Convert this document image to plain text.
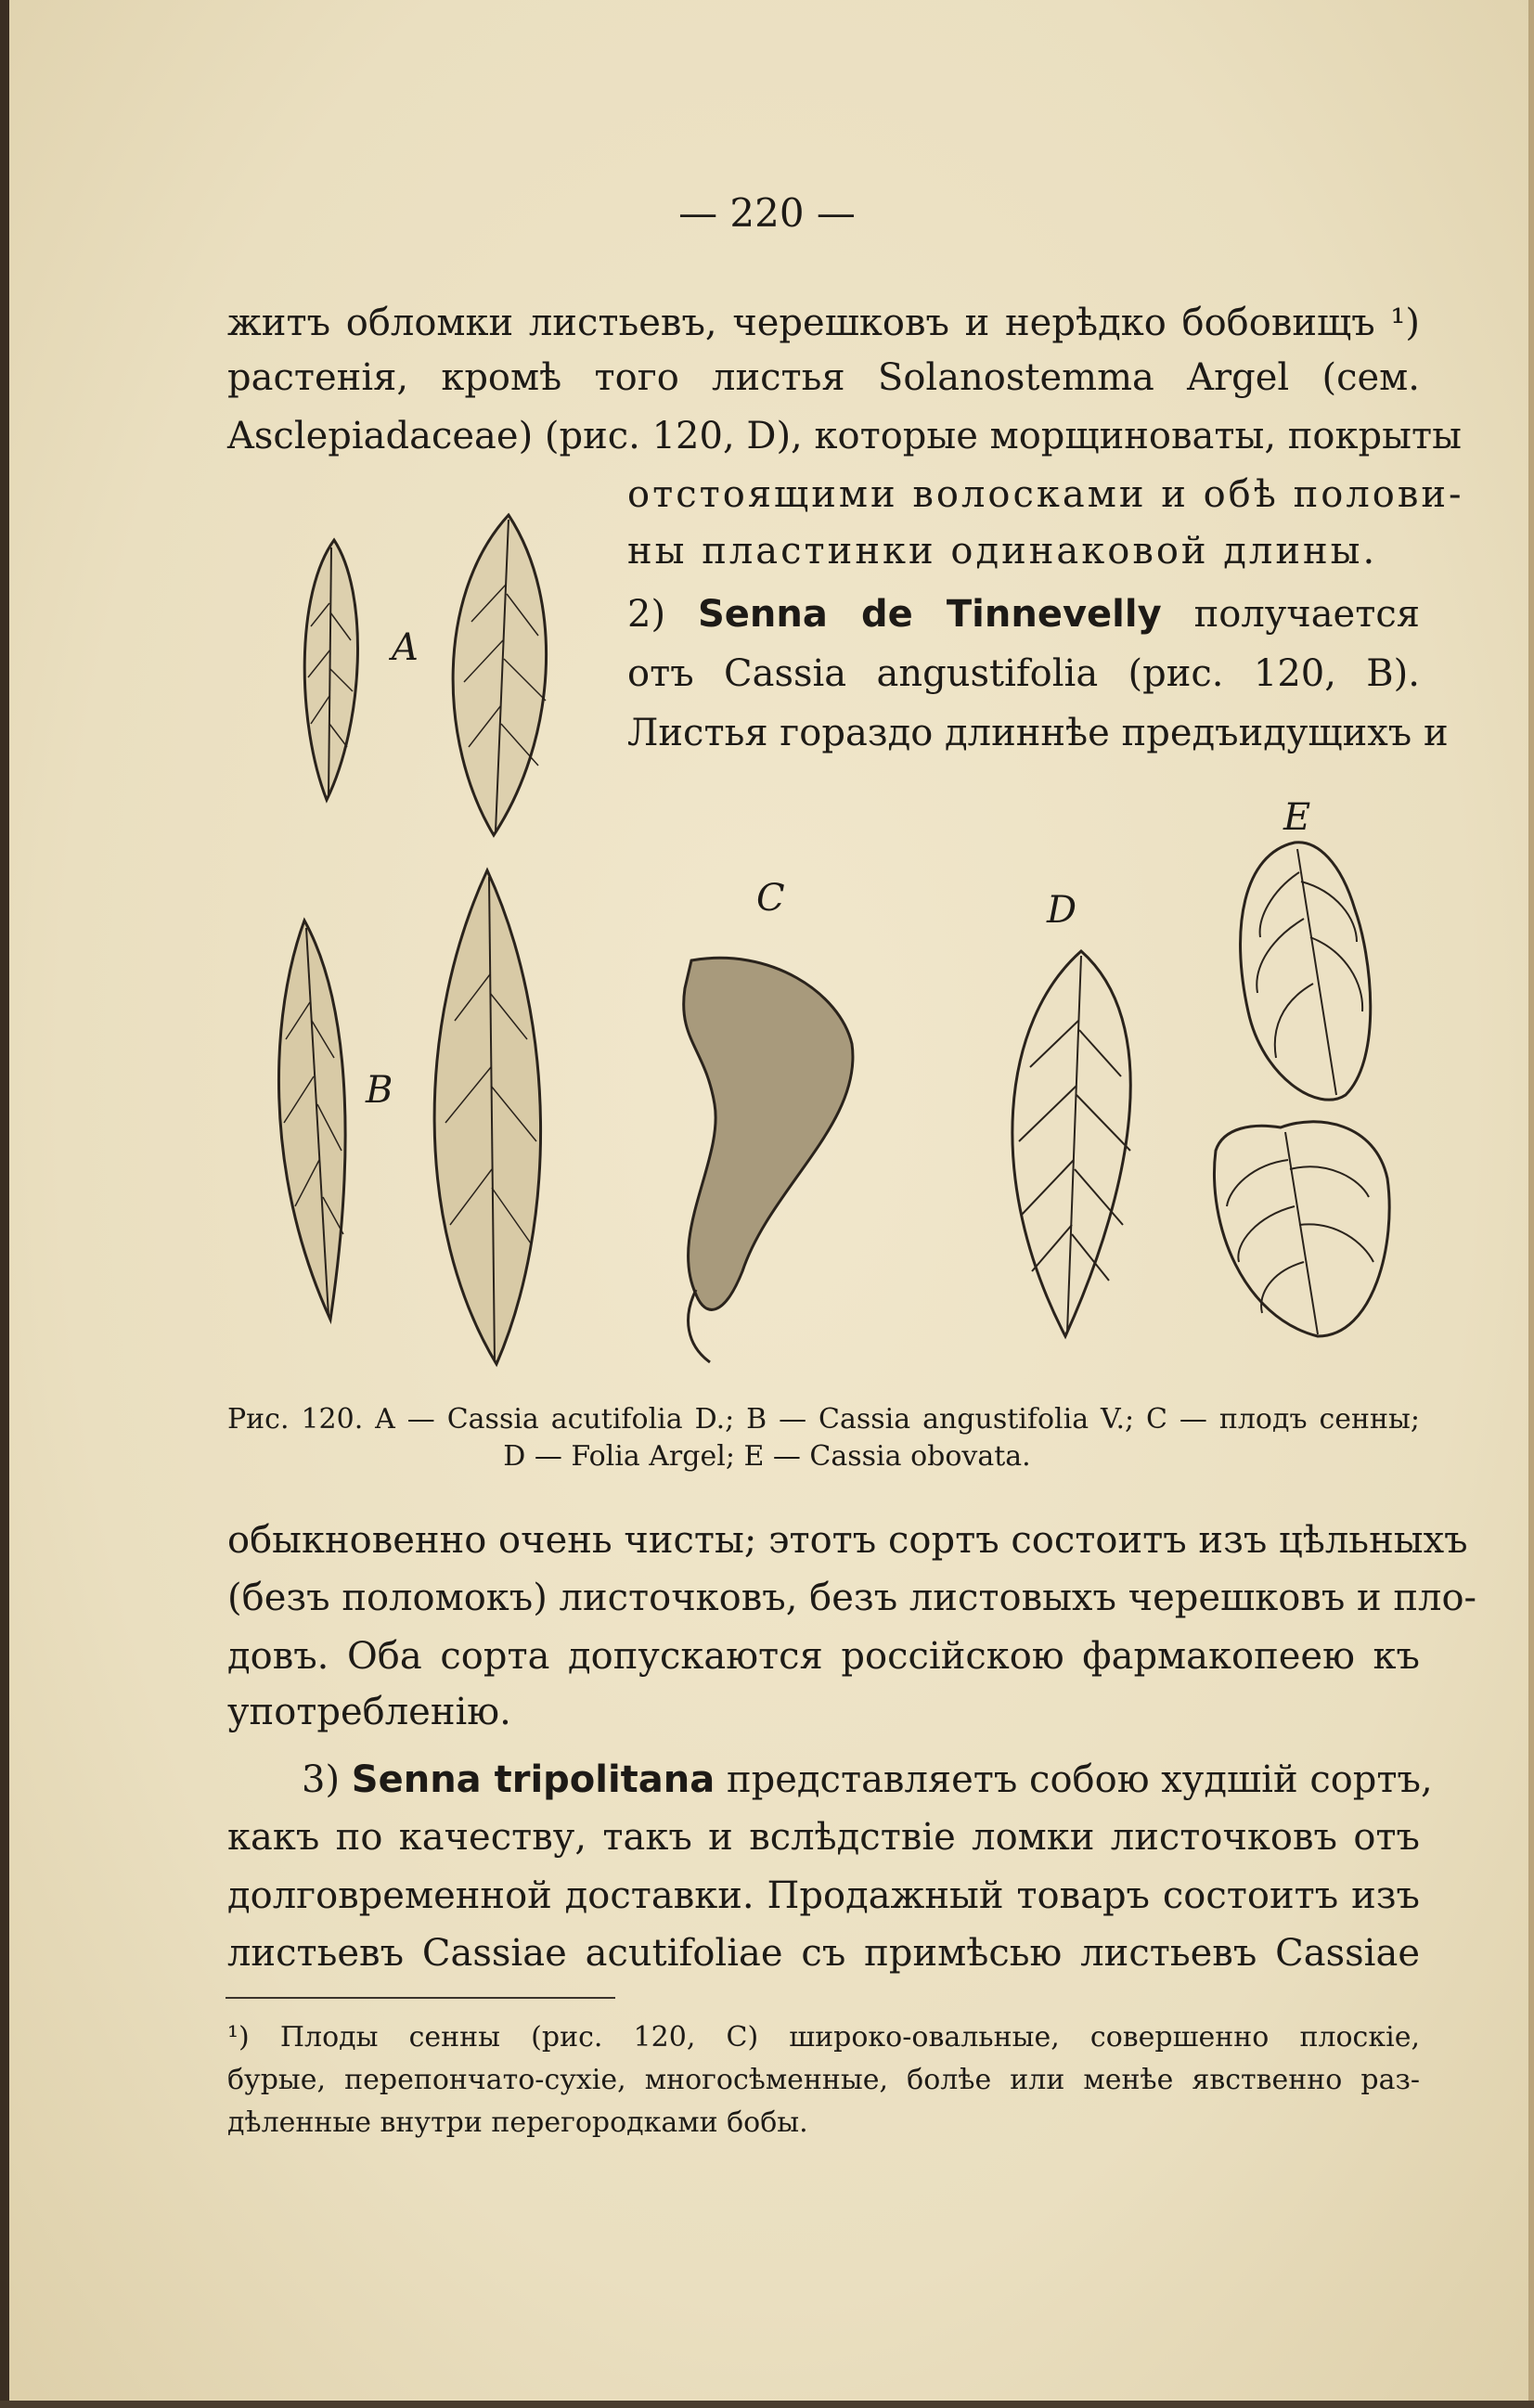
— 220 —
житъ обломки листьевъ, черешковъ и нерѣдко бобовищъ ¹)
растенія, кромѣ того листья Solanostemma Argel (сем.
Asclepiadaceae) (рис. 120, D), которые морщиноваты, покрыты
отстоящими волосками и обѣ полови-
ны пластинки одинаковой длины.
2) Senna de Tinnevelly получается
отъ Cassia angustifolia (рис. 120, B).
Листья гораздо длиннѣе предъидущихъ и
A
B
C	D
E
Рис. 120. A — Cassia acutifolia D.; B — Cassia angustifolia V.; C — плодъ сенны;
D — Folia Argel; E — Cassia obovata.
обыкновенно очень чисты; этотъ сортъ состоитъ изъ цѣльныхъ
(безъ поломокъ) листочковъ, безъ листовыхъ черешковъ и пло-
довъ. Оба сорта допускаются россійскою фармакопеею къ
употребленію.
3) Senna tripolitana представляетъ собою худшій сортъ,
какъ по качеству, такъ и вслѣдствіе ломки листочковъ отъ
долговременной доставки. Продажный товаръ состоитъ изъ
листьевъ Cassiae acutifoliae съ примѣсью листьевъ Cassiae
¹) Плоды сенны (рис. 120, C) широко-овальные, совершенно плоскіе,
бурые, перепончато-сухіе, многосѣменные, болѣе или менѣе явственно раз-
дѣленные внутри перегородками бобы.
